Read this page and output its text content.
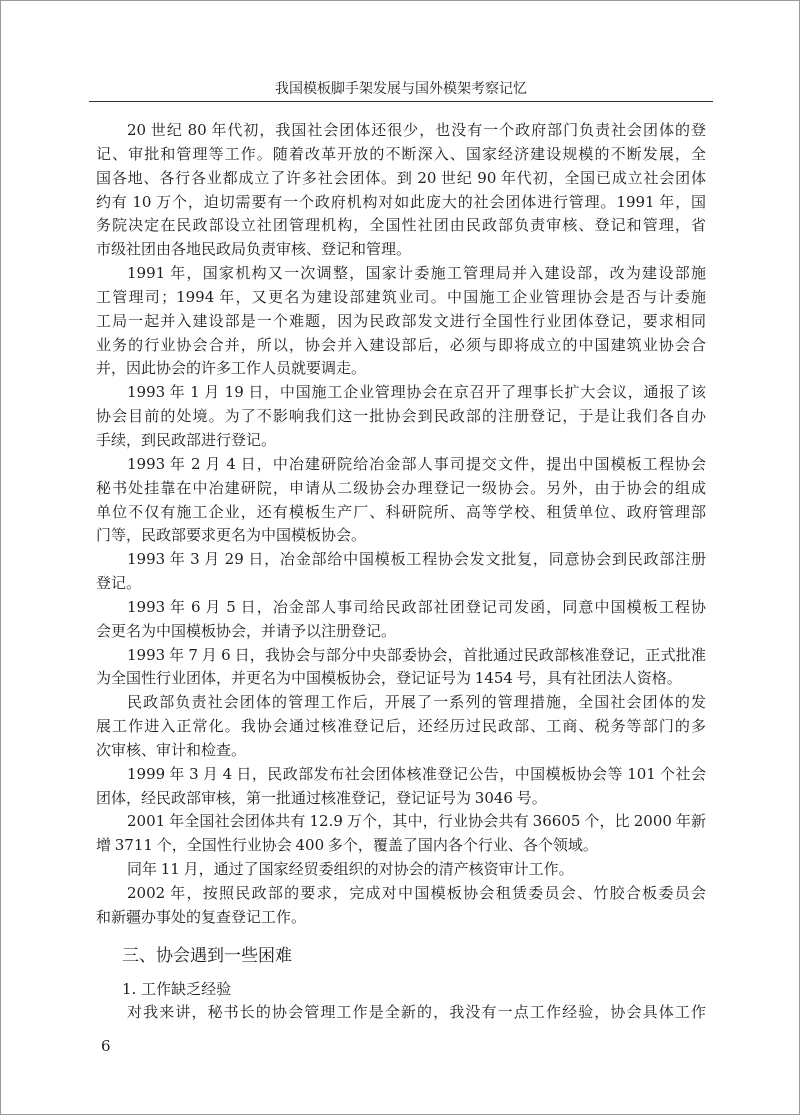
我国模板脚手架发展与国外模架考察记忆

20 世纪 80 年代初，我国社会团体还很少，也没有一个政府部门负责社会团体的登
记、审批和管理等工作。随着改革开放的不断深入、国家经济建设规模的不断发展，全
国各地、各行各业都成立了许多社会团体。到 20 世纪 90 年代初，全国已成立社会团体
约有 10 万个，迫切需要有一个政府机构对如此庞大的社会团体进行管理。1991 年，国
务院决定在民政部设立社团管理机构，全国性社团由民政部负责审核、登记和管理，省
市级社团由各地民政局负责审核、登记和管理。

1991 年，国家机构又一次调整，国家计委施工管理局并入建设部，改为建设部施
工管理司；1994 年，又更名为建设部建筑业司。中国施工企业管理协会是否与计委施
工局一起并入建设部是一个难题，因为民政部发文进行全国性行业团体登记，要求相同
业务的行业协会合并，所以，协会并入建设部后，必须与即将成立的中国建筑业协会合
并，因此协会的许多工作人员就要调走。

1993 年 1 月 19 日，中国施工企业管理协会在京召开了理事长扩大会议，通报了该
协会目前的处境。为了不影响我们这一批协会到民政部的注册登记，于是让我们各自办
手续，到民政部进行登记。

1993 年 2 月 4 日，中冶建研院给冶金部人事司提交文件，提出中国模板工程协会
秘书处挂靠在中冶建研院，申请从二级协会办理登记一级协会。另外，由于协会的组成
单位不仅有施工企业，还有模板生产厂、科研院所、高等学校、租赁单位、政府管理部
门等，民政部要求更名为中国模板协会。

1993 年 3 月 29 日，冶金部给中国模板工程协会发文批复，同意协会到民政部注册
登记。

1993 年 6 月 5 日，冶金部人事司给民政部社团登记司发函，同意中国模板工程协
会更名为中国模板协会，并请予以注册登记。

1993 年 7 月 6 日，我协会与部分中央部委协会，首批通过民政部核准登记，正式批准
为全国性行业团体，并更名为中国模板协会，登记证号为 1454 号，具有社团法人资格。

民政部负责社会团体的管理工作后，开展了一系列的管理措施，全国社会团体的发
展工作进入正常化。我协会通过核准登记后，还经历过民政部、工商、税务等部门的多
次审核、审计和检查。

1999 年 3 月 4 日，民政部发布社会团体核准登记公告，中国模板协会等 101 个社会
团体，经民政部审核，第一批通过核准登记，登记证号为 3046 号。

2001 年全国社会团体共有 12.9 万个，其中，行业协会共有 36605 个，比 2000 年新
增 3711 个，全国性行业协会 400 多个，覆盖了国内各个行业、各个领域。

同年 11 月，通过了国家经贸委组织的对协会的清产核资审计工作。

2002 年，按照民政部的要求，完成对中国模板协会租赁委员会、竹胶合板委员会
和新疆办事处的复查登记工作。

三、协会遇到一些困难
1. 工作缺乏经验
对我来讲，秘书长的协会管理工作是全新的，我没有一点工作经验，协会具体工作
6
